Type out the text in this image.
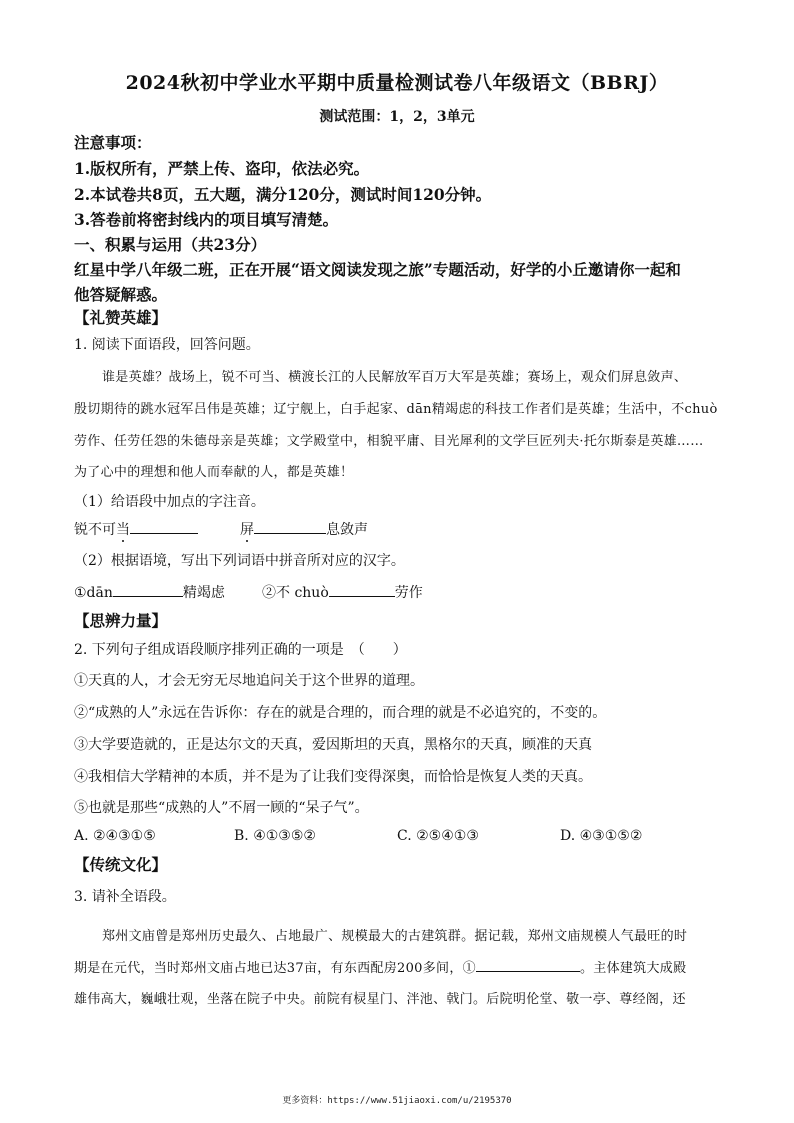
2024秋初中学业水平期中质量检测试卷八年级语文（BBRJ）
测试范围：1，2，3单元
注意事项：
1.版权所有，严禁上传、盗印，依法必究。
2.本试卷共8页，五大题，满分120分，测试时间120分钟。
3.答卷前将密封线内的项目填写清楚。
一、积累与运用（共23分）
红星中学八年级二班，正在开展“语文阅读发现之旅”专题活动，好学的小丘邀请你一起和
他答疑解惑。
【礼赞英雄】
1. 阅读下面语段，回答问题。
谁是英雄？战场上，锐不可当、横渡长江的人民解放军百万大军是英雄；赛场上，观众们屏息敛声、
殷切期待的跳水冠军吕伟是英雄；辽宁舰上，白手起家、dān精竭虑的科技工作者们是英雄；生活中，不chuò
劳作、任劳任怨的朱德母亲是英雄；文学殿堂中，相貌平庸、目光犀利的文学巨匠列夫·托尔斯泰是英雄……
为了心中的理想和他人而奉献的人，都是英雄！
（1）给语段中加点的字注音。
锐不可当	屏	息敛声
（2）根据语境，写出下列词语中拼音所对应的汉字。
①dān	精竭虑	②不 chuò	劳作
【思辨力量】
2. 下列句子组成语段顺序排列正确的一项是　（　　）
①天真的人，才会无穷无尽地追问关于这个世界的道理。
②“成熟的人”永远在告诉你：存在的就是合理的，而合理的就是不必追究的，不变的。
③大学要造就的，正是达尔文的天真，爱因斯坦的天真，黑格尔的天真，顾准的天真
④我相信大学精神的本质，并不是为了让我们变得深奥，而恰恰是恢复人类的天真。
⑤也就是那些“成熟的人”不屑一顾的“呆子气”。
A. ②④③①⑤	B. ④①③⑤②	C. ②⑤④①③	D. ④③①⑤②
【传统文化】
3. 请补全语段。
郑州文庙曾是郑州历史最久、占地最广、规模最大的古建筑群。据记载，郑州文庙规模人气最旺的时
期是在元代，当时郑州文庙占地已达37亩，有东西配房200多间，①	。主体建筑大成殿
雄伟高大，巍峨壮观，坐落在院子中央。前院有棂星门、泮池、戟门。后院明伦堂、敬一亭、尊经阁，还
更多资料：https://www.51jiaoxi.com/u/2195370
